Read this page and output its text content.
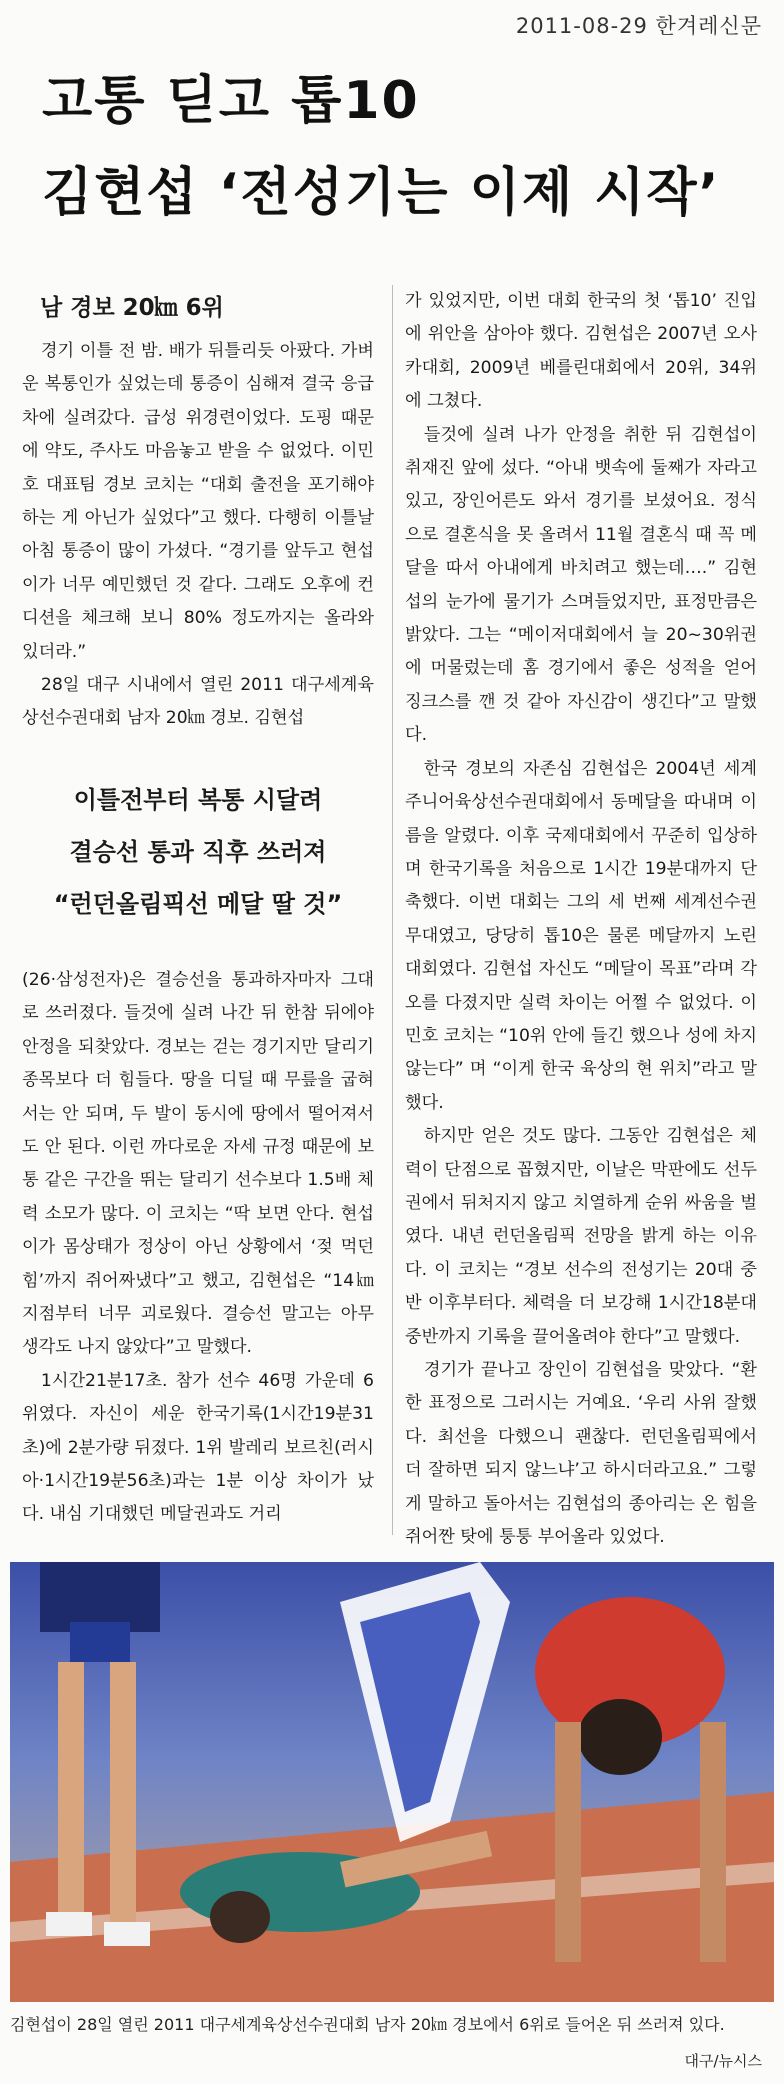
2011-08-29 한겨레신문
고통 딛고 톱10
김현섭 ‘전성기는 이제 시작’
남 경보 20㎞ 6위

경기 이틀 전 밤. 배가 뒤틀리듯 아팠다. 가벼운 복통인가 싶었는데 통증이 심해져 결국 응급차에 실려갔다. 급성 위경련이었다. 도핑 때문에 약도, 주사도 마음놓고 받을 수 없었다. 이민호 대표팀 경보 코치는 “대회 출전을 포기해야 하는 게 아닌가 싶었다”고 했다. 다행히 이틀날 아침 통증이 많이 가셨다. “경기를 앞두고 현섭이가 너무 예민했던 것 같다. 그래도 오후에 컨디션을 체크해 보니 80% 정도까지는 올라와 있더라.”

28일 대구 시내에서 열린 2011 대구세계육상선수권대회 남자 20㎞ 경보. 김현섭

이틀전부터 복통 시달려
결승선 통과 직후 쓰러져
“런던올림픽선 메달 딸 것”

(26·삼성전자)은 결승선을 통과하자마자 그대로 쓰러졌다. 들것에 실려 나간 뒤 한참 뒤에야 안정을 되찾았다. 경보는 걷는 경기지만 달리기 종목보다 더 힘들다. 땅을 디딜 때 무릎을 굽혀서는 안 되며, 두 발이 동시에 땅에서 떨어져서도 안 된다. 이런 까다로운 자세 규정 때문에 보통 같은 구간을 뛰는 달리기 선수보다 1.5배 체력 소모가 많다. 이 코치는 “딱 보면 안다. 현섭이가 몸상태가 정상이 아닌 상황에서 ‘젖 먹던 힘’까지 쥐어짜냈다”고 했고, 김현섭은 “14㎞ 지점부터 너무 괴로웠다. 결승선 말고는 아무 생각도 나지 않았다”고 말했다.

1시간21분17초. 참가 선수 46명 가운데 6위였다. 자신이 세운 한국기록(1시간19분31초)에 2분가량 뒤졌다. 1위 발레리 보르친(러시아·1시간19분56초)과는 1분 이상 차이가 났다. 내심 기대했던 메달권과도 거리

가 있었지만, 이번 대회 한국의 첫 ‘톱10’ 진입에 위안을 삼아야 했다. 김현섭은 2007년 오사카대회, 2009년 베를린대회에서 20위, 34위에 그쳤다.

들것에 실려 나가 안정을 취한 뒤 김현섭이 취재진 앞에 섰다. “아내 뱃속에 둘째가 자라고 있고, 장인어른도 와서 경기를 보셨어요. 정식으로 결혼식을 못 올려서 11월 결혼식 때 꼭 메달을 따서 아내에게 바치려고 했는데….” 김현섭의 눈가에 물기가 스며들었지만, 표정만큼은 밝았다. 그는 “메이저대회에서 늘 20~30위권에 머물렀는데 홈 경기에서 좋은 성적을 얻어 징크스를 깬 것 같아 자신감이 생긴다”고 말했다.

한국 경보의 자존심 김현섭은 2004년 세계주니어육상선수권대회에서 동메달을 따내며 이름을 알렸다. 이후 국제대회에서 꾸준히 입상하며 한국기록을 처음으로 1시간 19분대까지 단축했다. 이번 대회는 그의 세 번째 세계선수권 무대였고, 당당히 톱10은 물론 메달까지 노린 대회였다. 김현섭 자신도 “메달이 목표”라며 각오를 다졌지만 실력 차이는 어쩔 수 없었다. 이민호 코치는 “10위 안에 들긴 했으나 성에 차지 않는다” 며 “이게 한국 육상의 현 위치”라고 말했다.

하지만 얻은 것도 많다. 그동안 김현섭은 체력이 단점으로 꼽혔지만, 이날은 막판에도 선두권에서 뒤처지지 않고 치열하게 순위 싸움을 벌였다. 내년 런던올림픽 전망을 밝게 하는 이유다. 이 코치는 “경보 선수의 전성기는 20대 중반 이후부터다. 체력을 더 보강해 1시간18분대 중반까지 기록을 끌어올려야 한다”고 말했다.

경기가 끝나고 장인이 김현섭을 맞았다. “환한 표정으로 그러시는 거예요. ‘우리 사위 잘했다. 최선을 다했으니 괜찮다. 런던올림픽에서 더 잘하면 되지 않느냐’고 하시더라고요.” 그렇게 말하고 돌아서는 김현섭의 종아리는 온 힘을 쥐어짠 탓에 퉁퉁 부어올라 있었다.

김현섭이 28일 열린 2011 대구세계육상선수권대회 남자 20㎞ 경보에서 6위로 들어온 뒤 쓰러져 있다.
대구/뉴시스
